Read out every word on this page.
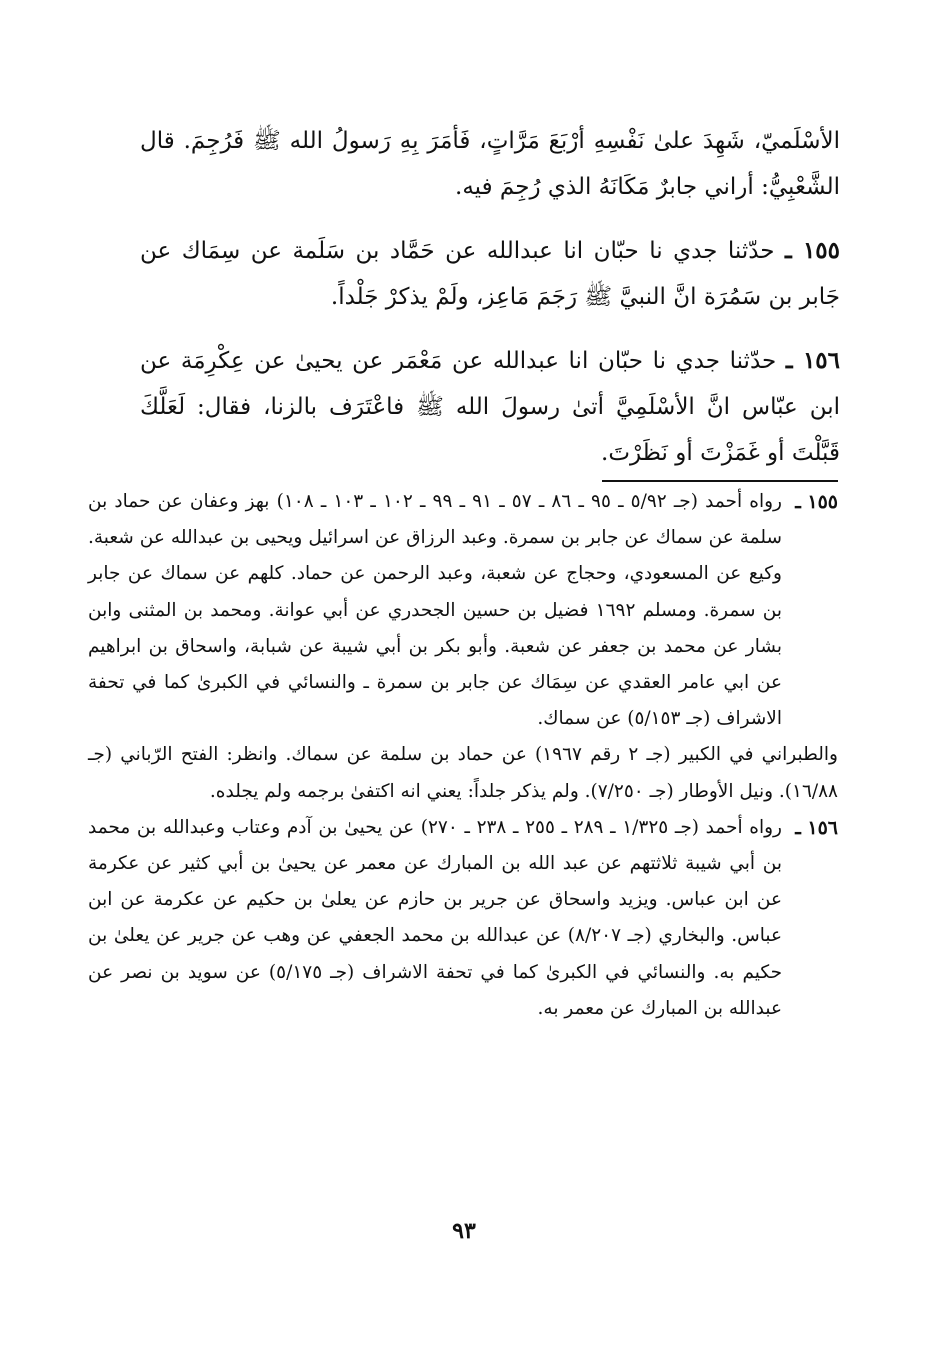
الأسْلَميّ، شَهِدَ علىٰ نَفْسِهِ أرْبَعَ مَرَّاتٍ، فَأمَرَ بِهِ رَسولُ الله ﷺ فَرُجِمَ. قال الشَّعْبِيُّ: أراني جابرٌ مَكَانَهُ الذي رُجِمَ فيه.

١٥٥ ـ حدّثنا جدي نا حبّان انا عبدالله عن حَمَّاد بن سَلَمة عن سِمَاك عن جَابر بن سَمُرَة انَّ النبيَّ ﷺ رَجَمَ مَاعِز، ولَمْ يذكرْ جَلْداً.

١٥٦ ـ حدّثنا جدي نا حبّان انا عبدالله عن مَعْمَر عن يحيىٰ عن عِكْرِمَة عن ابن عبّاس انَّ الأسْلَمِيَّ أتىٰ رسولَ الله ﷺ فاعْتَرَف بالزنا، فقال: لَعَلَّكَ قَبَّلْتَ أو غَمَزْتَ أو نَظَرْتَ.

١٥٥ ـ

رواه أحمد (جـ ٥/٩٢ ـ ٩٥ ـ ٨٦ ـ ٥٧ ـ ٩١ ـ ٩٩ ـ ١٠٢ ـ ١٠٣ ـ ١٠٨) بهز وعفان عن حماد بن سلمة عن سماك عن جابر بن سمرة. وعبد الرزاق عن اسرائيل ويحيى بن عبدالله عن شعبة. وكيع عن المسعودي، وحجاج عن شعبة، وعبد الرحمن عن حماد. كلهم عن سماك عن جابر بن سمرة. ومسلم ١٦٩٢ فضيل بن حسين الجحدري عن أبي عوانة. ومحمد بن المثنى وابن بشار عن محمد بن جعفر عن شعبة. وأبو بكر بن أبي شيبة عن شبابة، واسحاق بن ابراهيم عن ابي عامر العقدي عن سِمَاك عن جابر بن سمرة ـ والنسائي في الكبرىٰ كما في تحفة الاشراف (جـ ٥/١٥٣) عن سماك.

والطبراني في الكبير (جـ ٢ رقم ١٩٦٧) عن حماد بن سلمة عن سماك. وانظر: الفتح الرّباني (جـ ١٦/٨٨). ونيل الأوطار (جـ ٧/٢٥٠). ولم يذكر جلداً: يعني انه اكتفىٰ برجمه ولم يجلده.

١٥٦ ـ

رواه أحمد (جـ ١/٣٢٥ ـ ٢٨٩ ـ ٢٥٥ ـ ٢٣٨ ـ ٢٧٠) عن يحيىٰ بن آدم وعتاب وعبدالله بن محمد بن أبي شيبة ثلاثتهم عن عبد الله بن المبارك عن معمر عن يحيىٰ بن أبي كثير عن عكرمة عن ابن عباس. ويزيد واسحاق عن جرير بن حازم عن يعلىٰ بن حكيم عن عكرمة عن ابن عباس. والبخاري (جـ ٨/٢٠٧) عن عبدالله بن محمد الجعفي عن وهب عن جرير عن يعلىٰ بن حكيم به. والنسائي في الكبرىٰ كما في تحفة الاشراف (جـ ٥/١٧٥) عن سويد بن نصر عن عبدالله بن المبارك عن معمر به.

٩٣
